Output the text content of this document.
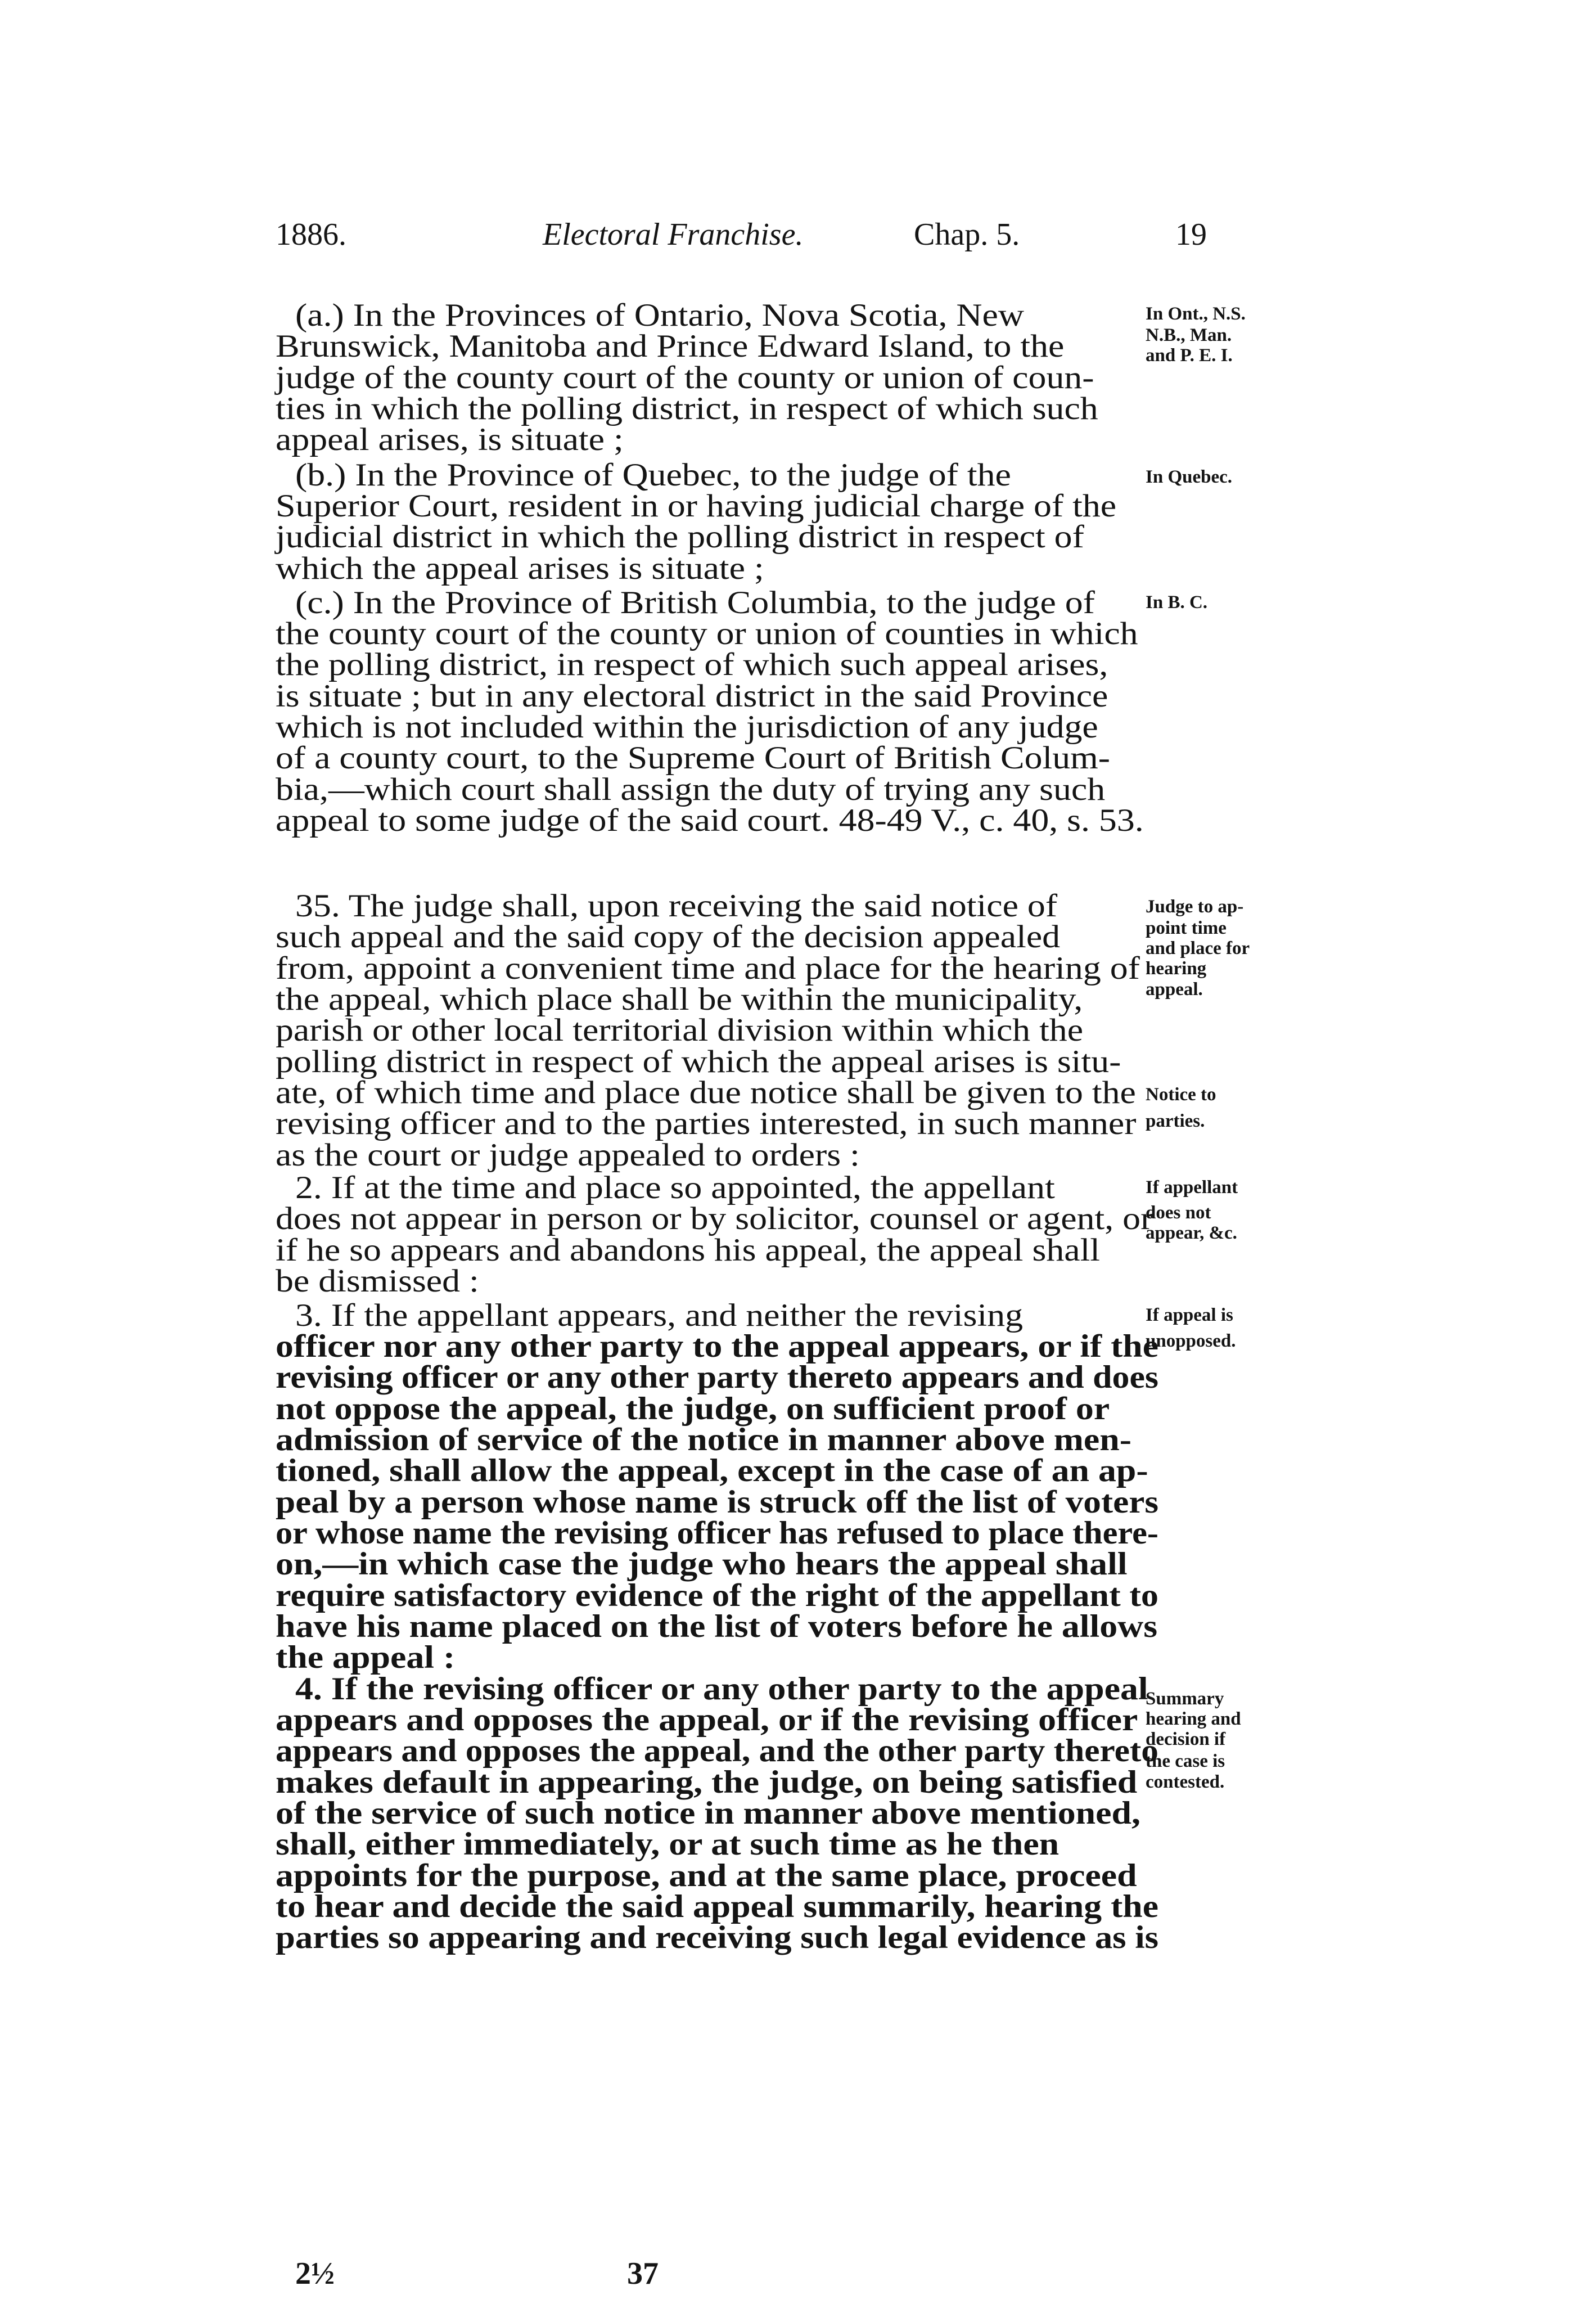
1886.	Electoral Franchise.	Chap. 5.	19
(a.) In the Provinces of Ontario, Nova Scotia, New
Brunswick, Manitoba and Prince Edward Island, to the
judge of the county court of the county or union of coun-
ties in which the polling district, in respect of which such
appeal arises, is situate ;
(b.) In the Province of Quebec, to the judge of the
Superior Court, resident in or having judicial charge of the
judicial district in which the polling district in respect of
which the appeal arises is situate ;
(c.) In the Province of British Columbia, to the judge of
the county court of the county or union of counties in which
the polling district, in respect of which such appeal arises,
is situate ; but in any electoral district in the said Province
which is not included within the jurisdiction of any judge
of a county court, to the Supreme Court of British Colum-
bia,—which court shall assign the duty of trying any such
appeal to some judge of the said court. 48-49 V., c. 40, s. 53.
35. The judge shall, upon receiving the said notice of
such appeal and the said copy of the decision appealed
from, appoint a convenient time and place for the hearing of
the appeal, which place shall be within the municipality,
parish or other local territorial division within which the
polling district in respect of which the appeal arises is situ-
ate, of which time and place due notice shall be given to the
revising officer and to the parties interested, in such manner
as the court or judge appealed to orders :
2. If at the time and place so appointed, the appellant
does not appear in person or by solicitor, counsel or agent, or
if he so appears and abandons his appeal, the appeal shall
be dismissed :
3. If the appellant appears, and neither the revising
officer nor any other party to the appeal appears, or if the
revising officer or any other party thereto appears and does
not oppose the appeal, the judge, on sufficient proof or
admission of service of the notice in manner above men-
tioned, shall allow the appeal, except in the case of an ap-
peal by a person whose name is struck off the list of voters
or whose name the revising officer has refused to place there-
on,—in which case the judge who hears the appeal shall
require satisfactory evidence of the right of the appellant to
have his name placed on the list of voters before he allows
the appeal :
4. If the revising officer or any other party to the appeal
appears and opposes the appeal, or if the revising officer
appears and opposes the appeal, and the other party thereto
makes default in appearing, the judge, on being satisfied
of the service of such notice in manner above mentioned,
shall, either immediately, or at such time as he then
appoints for the purpose, and at the same place, proceed
to hear and decide the said appeal summarily, hearing the
parties so appearing and receiving such legal evidence as is
In Ont., N.S.
N.B., Man.
and P. E. I.
In Quebec.
In B. C.
Judge to ap-
point time
and place for
hearing
appeal.
Notice to
parties.
If appellant
does not
appear, &c.
If appeal is
unopposed.
Summary
hearing and
decision if
the case is
contested.
2½	37
